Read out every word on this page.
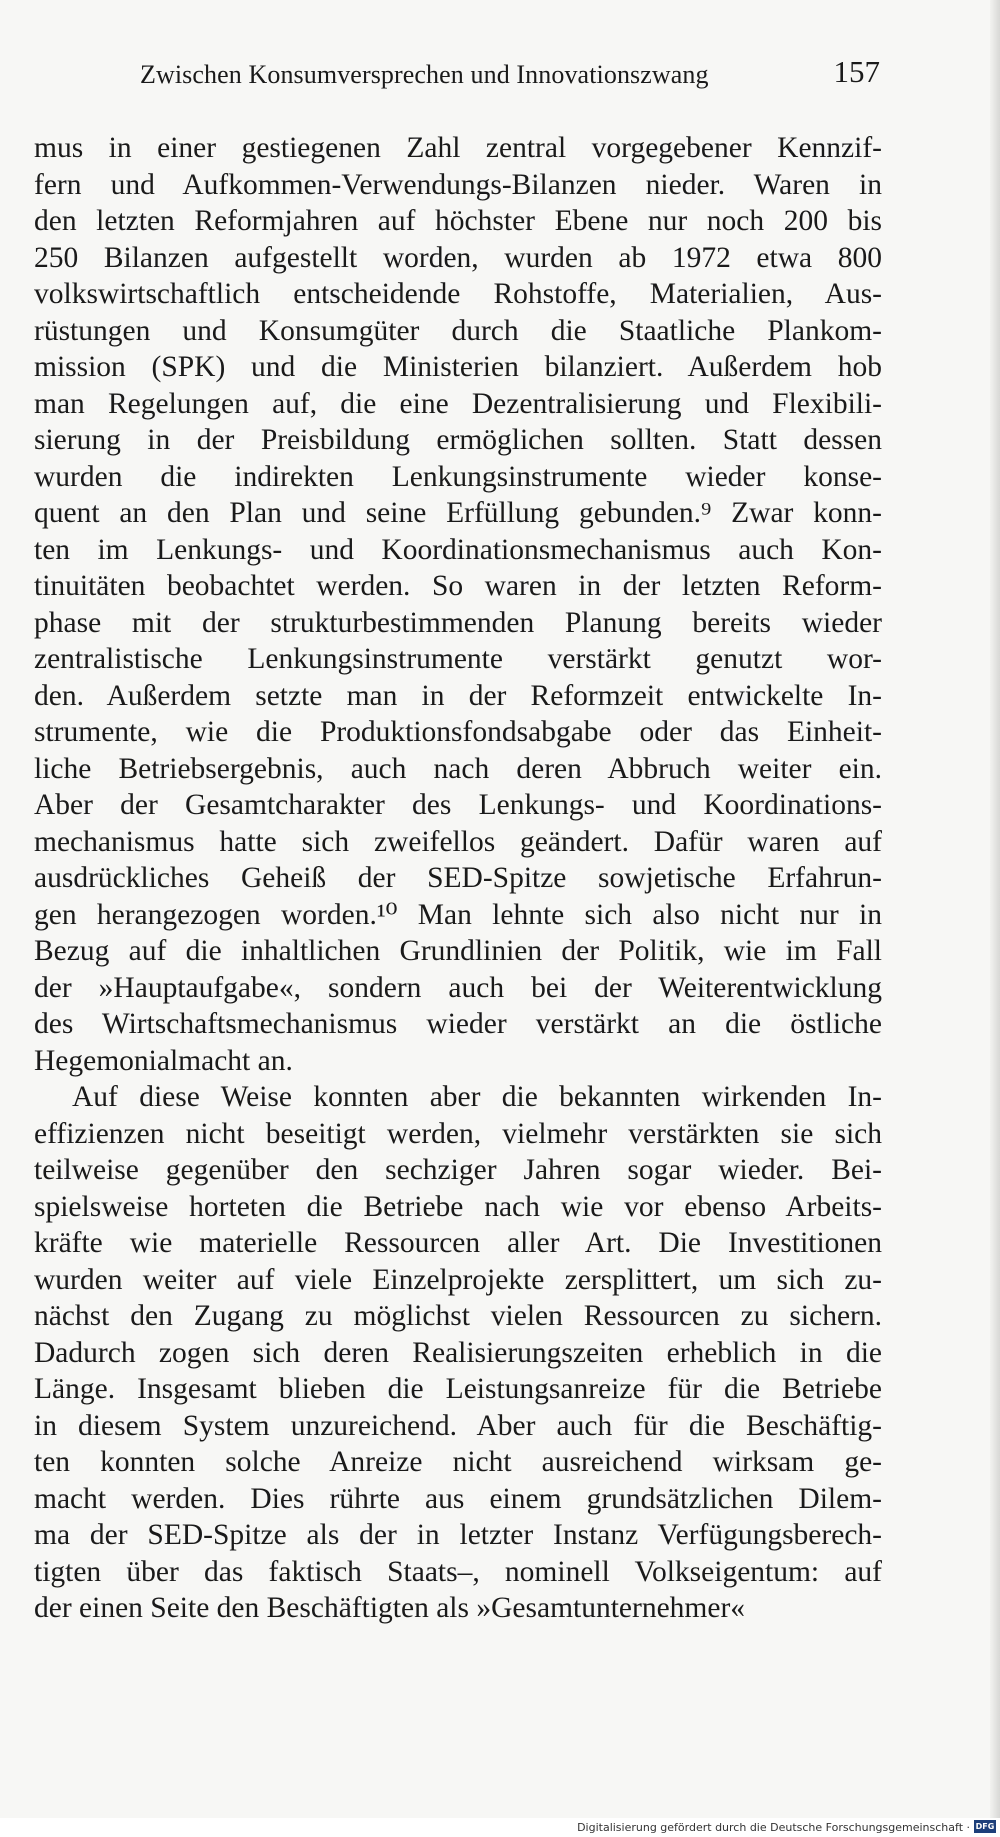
Zwischen Konsumversprechen und Innovationszwang	157
mus in einer gestiegenen Zahl zentral vorgegebener Kennzif-
fern und Aufkommen-Verwendungs-Bilanzen nieder. Waren in
den letzten Reformjahren auf höchster Ebene nur noch 200 bis
250 Bilanzen aufgestellt worden, wurden ab 1972 etwa 800
volkswirtschaftlich entscheidende Rohstoffe, Materialien, Aus-
rüstungen und Konsumgüter durch die Staatliche Plankom-
mission (SPK) und die Ministerien bilanziert. Außerdem hob
man Regelungen auf, die eine Dezentralisierung und Flexibili-
sierung in der Preisbildung ermöglichen sollten. Statt dessen
wurden die indirekten Lenkungsinstrumente wieder konse-
quent an den Plan und seine Erfüllung gebunden.⁹ Zwar konn-
ten im Lenkungs- und Koordinationsmechanismus auch Kon-
tinuitäten beobachtet werden. So waren in der letzten Reform-
phase mit der strukturbestimmenden Planung bereits wieder
zentralistische Lenkungsinstrumente verstärkt genutzt wor-
den. Außerdem setzte man in der Reformzeit entwickelte In-
strumente, wie die Produktionsfondsabgabe oder das Einheit-
liche Betriebsergebnis, auch nach deren Abbruch weiter ein.
Aber der Gesamtcharakter des Lenkungs- und Koordinations-
mechanismus hatte sich zweifellos geändert. Dafür waren auf
ausdrückliches Geheiß der SED-Spitze sowjetische Erfahrun-
gen herangezogen worden.¹⁰ Man lehnte sich also nicht nur in
Bezug auf die inhaltlichen Grundlinien der Politik, wie im Fall
der »Hauptaufgabe«, sondern auch bei der Weiterentwicklung
des Wirtschaftsmechanismus wieder verstärkt an die östliche
Hegemonialmacht an.
Auf diese Weise konnten aber die bekannten wirkenden In-
effizienzen nicht beseitigt werden, vielmehr verstärkten sie sich
teilweise gegenüber den sechziger Jahren sogar wieder. Bei-
spielsweise horteten die Betriebe nach wie vor ebenso Arbeits-
kräfte wie materielle Ressourcen aller Art. Die Investitionen
wurden weiter auf viele Einzelprojekte zersplittert, um sich zu-
nächst den Zugang zu möglichst vielen Ressourcen zu sichern.
Dadurch zogen sich deren Realisierungszeiten erheblich in die
Länge. Insgesamt blieben die Leistungsanreize für die Betriebe
in diesem System unzureichend. Aber auch für die Beschäftig-
ten konnten solche Anreize nicht ausreichend wirksam ge-
macht werden. Dies rührte aus einem grundsätzlichen Dilem-
ma der SED-Spitze als der in letzter Instanz Verfügungsberech-
tigten über das faktisch Staats–, nominell Volkseigentum: auf
der einen Seite den Beschäftigten als »Gesamtunternehmer«
Digitalisierung gefördert durch die Deutsche Forschungsgemeinschaft · DFG
